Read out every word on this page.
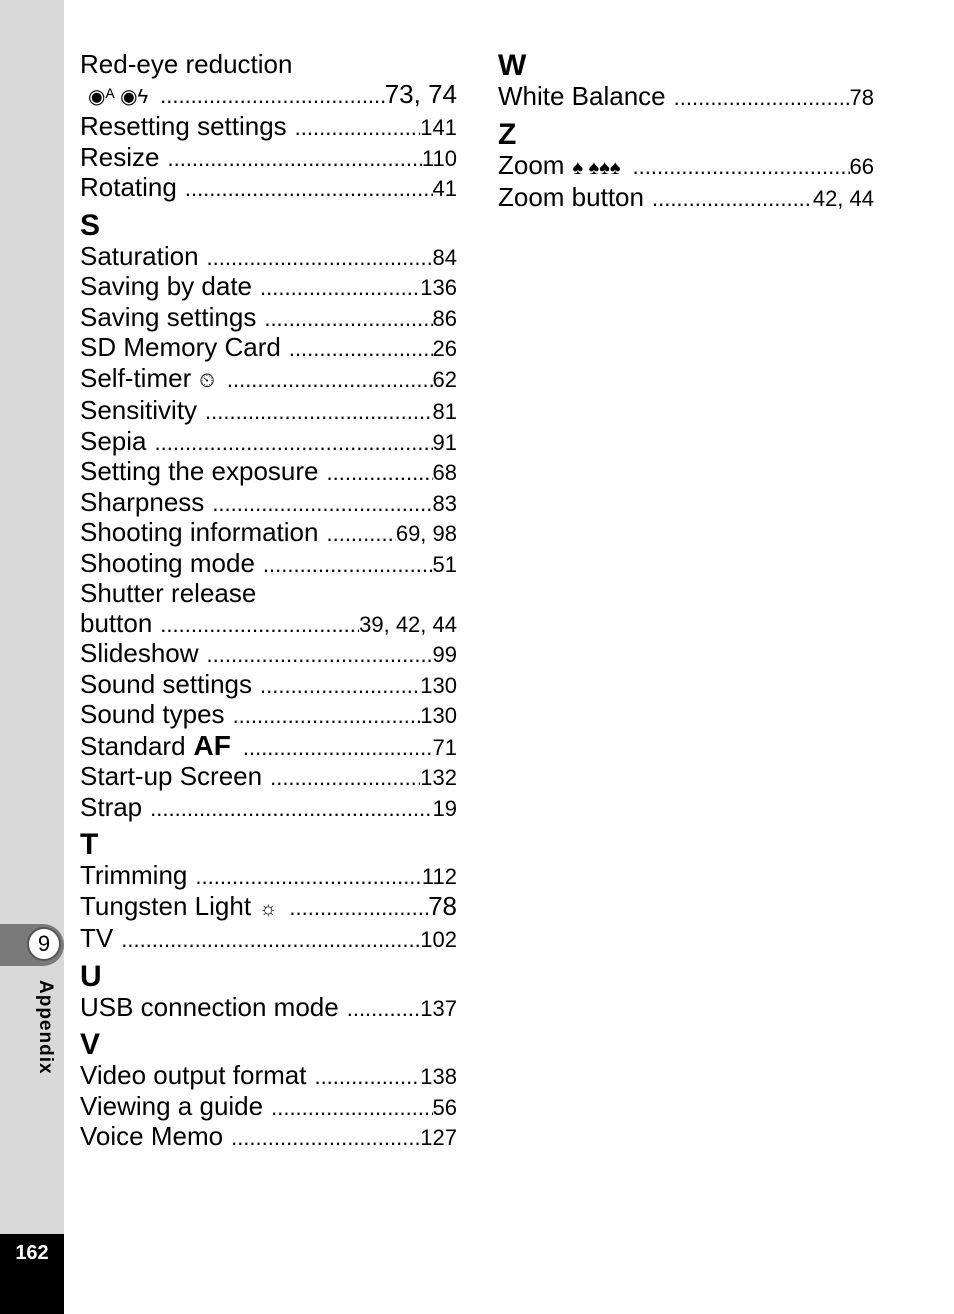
9
Appendix
162
Red-eye reduction
◉ᴬ ◉ϟ .....	73, 74
Resetting settings .....	141
Resize .....	110
Rotating .....	41
S
Saturation .....	84
Saving by date .....	136
Saving settings .....	86
SD Memory Card .....	26
Self-timer ⏲ .....	62
Sensitivity .....	81
Sepia .....	91
Setting the exposure .....	68
Sharpness .....	83
Shooting information .....	69, 98
Shooting mode .....	51
Shutter release
button .....	39, 42, 44
Slideshow .....	99
Sound settings .....	130
Sound types .....	130
Standard AF .....	71
Start-up Screen .....	132
Strap .....	19
T
Trimming .....	112
Tungsten Light ☼ .....	78
TV .....	102
U
USB connection mode .....	137
V
Video output format .....	138
Viewing a guide .....	56
Voice Memo .....	127
W
White Balance .....	78
Z
Zoom ♠ ♠♠♠ .....	66
Zoom button .....	42, 44
